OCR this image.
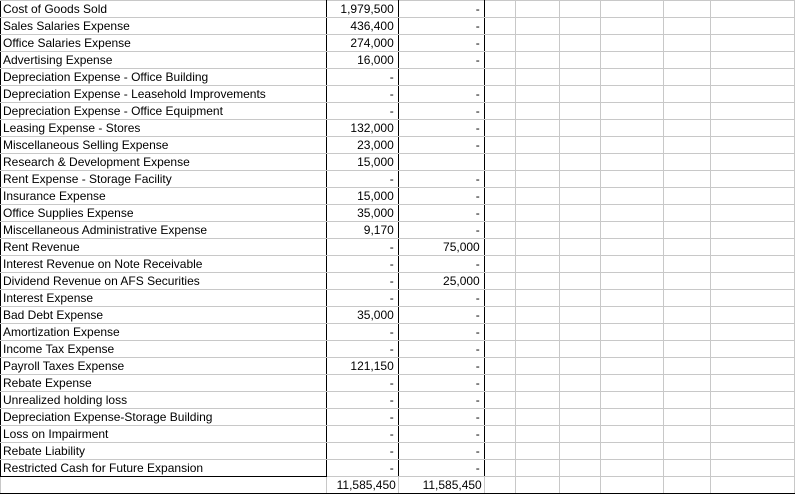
Cost of Goods Sold	1,979,500	-						
Sales Salaries Expense	436,400	-						
Office Salaries Expense	274,000	-						
Advertising Expense	16,000	-						
Depreciation Expense - Office Building	-							
Depreciation Expense - Leasehold Improvements	-	-						
Depreciation Expense - Office Equipment	-	-						
Leasing Expense - Stores	132,000	-						
Miscellaneous Selling Expense	23,000	-						
Research & Development Expense	15,000							
Rent Expense - Storage Facility	-	-						
Insurance Expense	15,000	-						
Office Supplies Expense	35,000	-						
Miscellaneous Administrative Expense	9,170	-						
Rent Revenue	-	75,000						
Interest Revenue on Note Receivable	-	-						
Dividend Revenue on AFS Securities	-	25,000						
Interest Expense	-	-						
Bad Debt Expense	35,000	-						
Amortization Expense	-	-						
Income Tax Expense	-	-						
Payroll Taxes Expense	121,150	-						
Rebate Expense	-	-						
Unrealized holding loss	-	-						
Depreciation Expense-Storage Building	-	-						
Loss on Impairment	-	-						
Rebate Liability	-	-						
Restricted Cash for Future Expansion	-	-						
	11,585,450	11,585,450						
